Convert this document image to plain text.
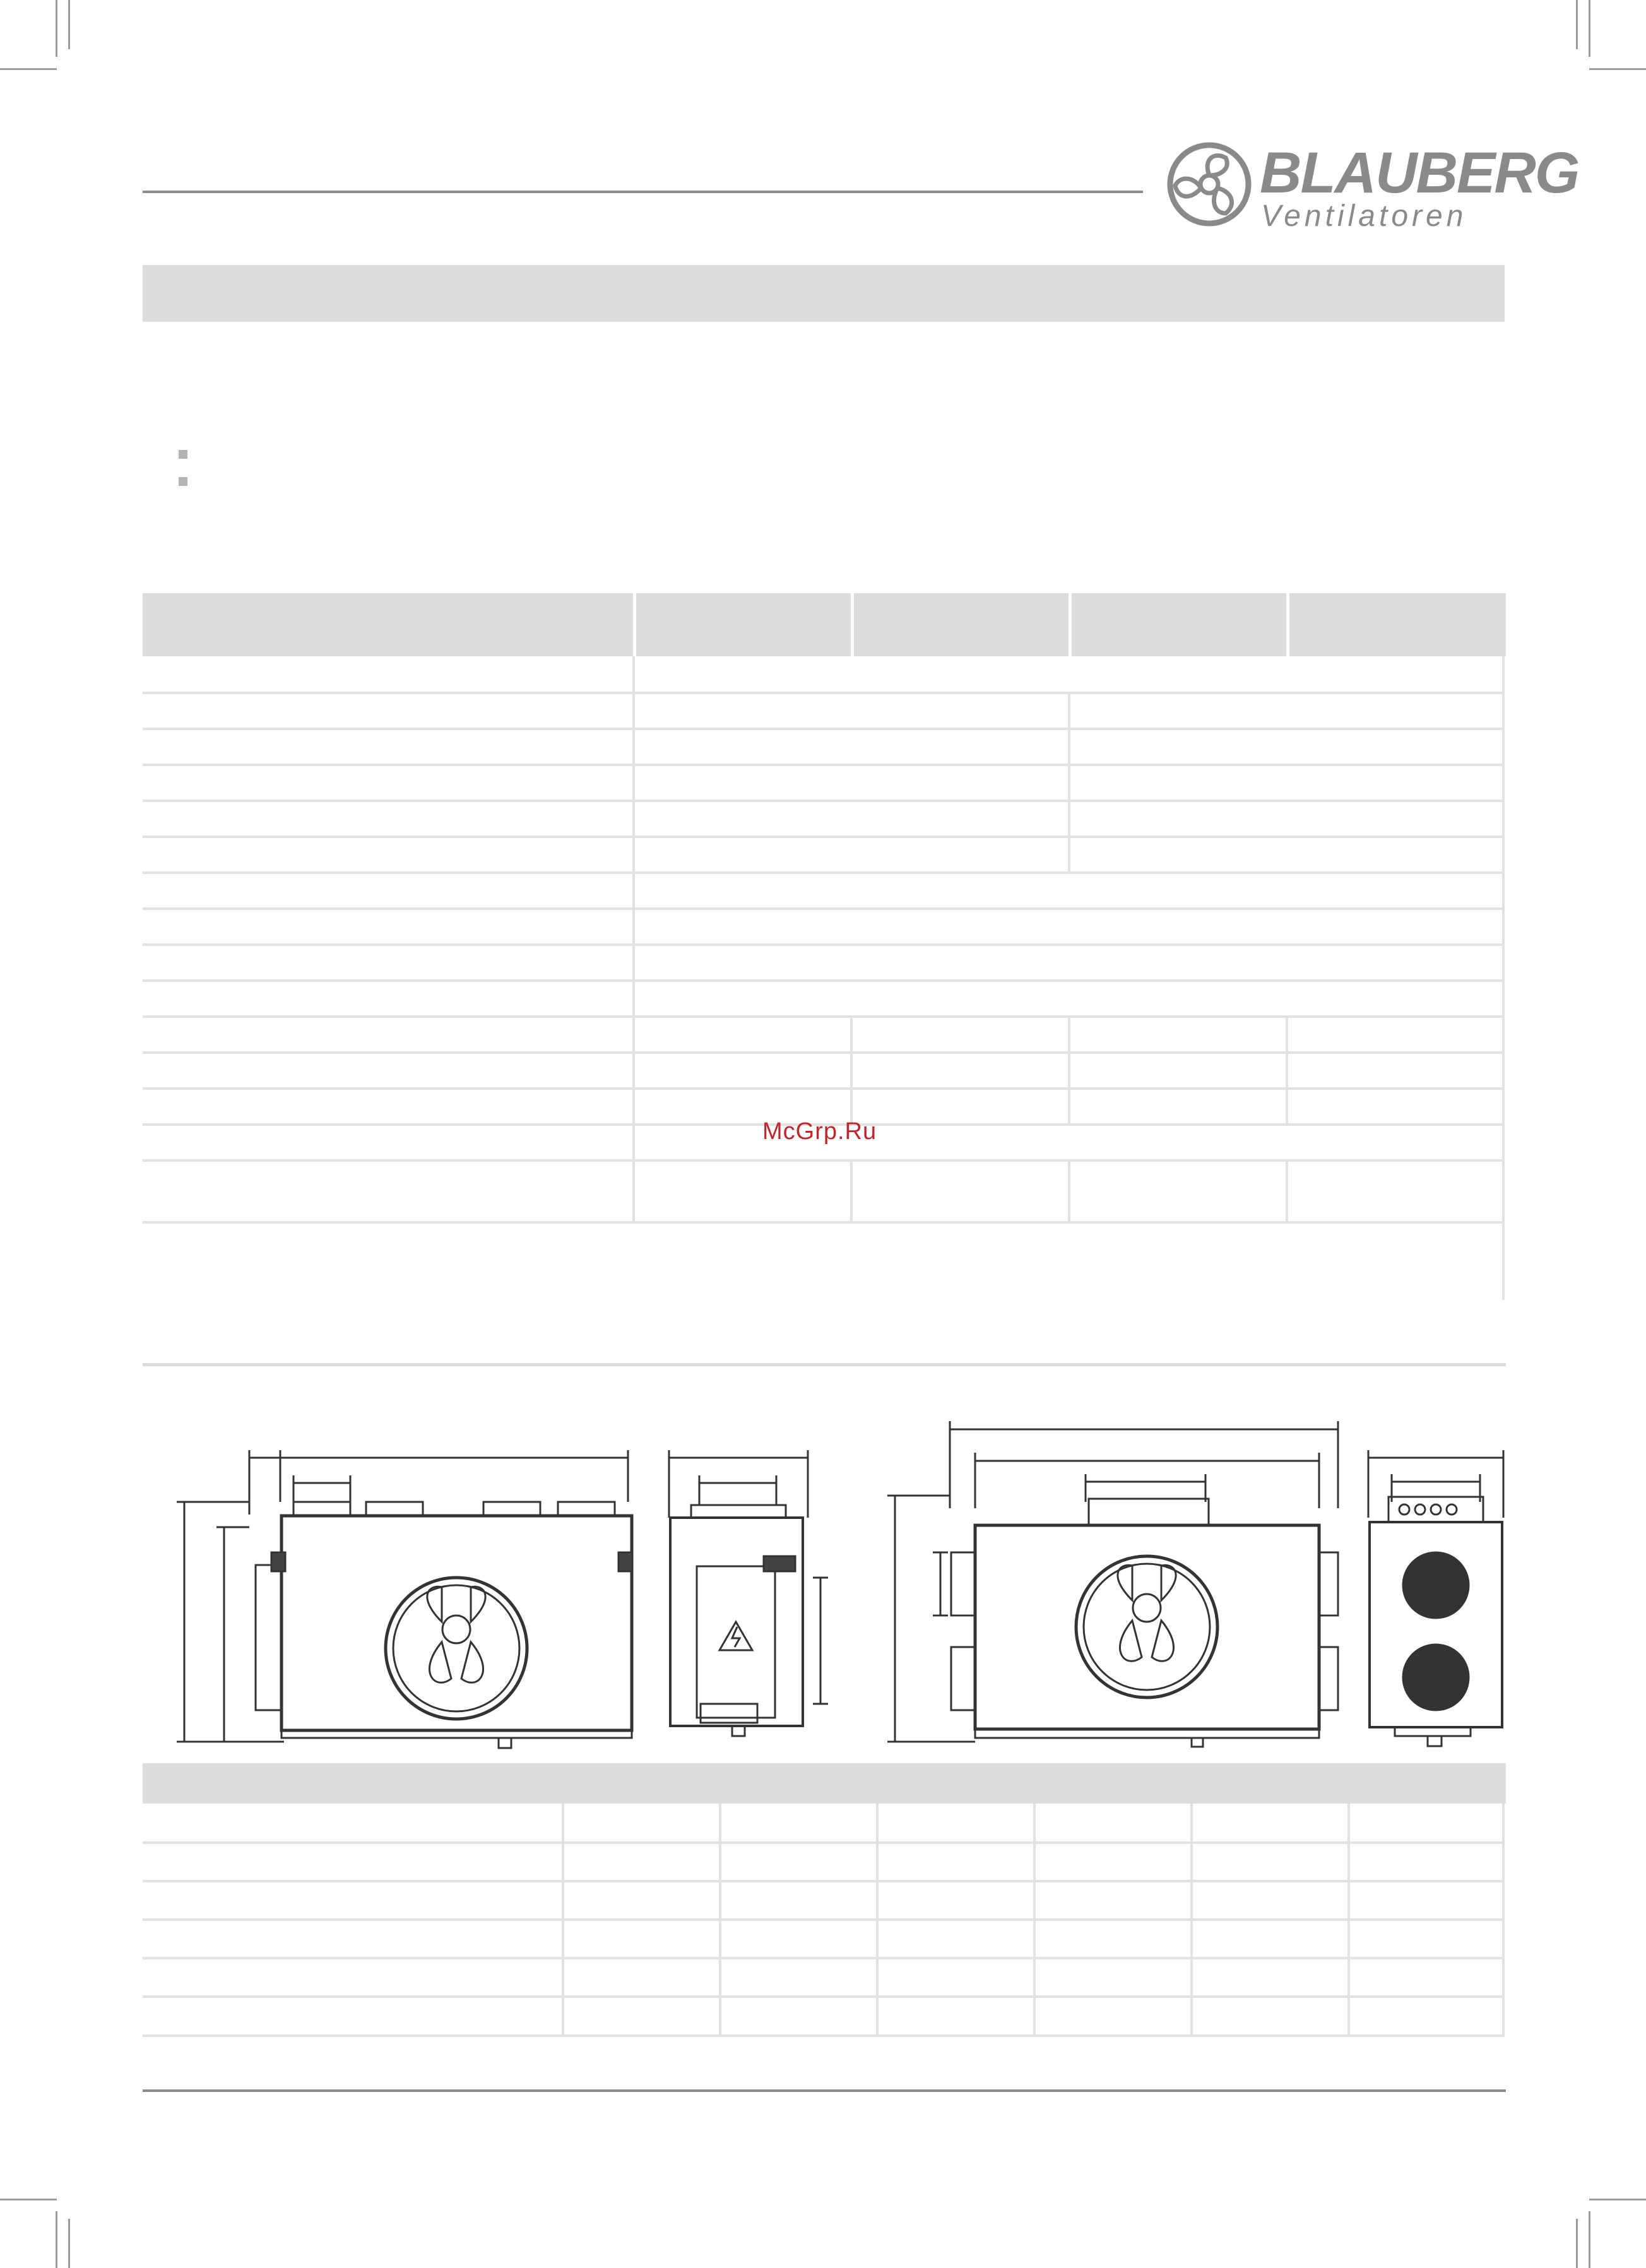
BLAUBERG
Ventilatoren
McGrp.Ru
